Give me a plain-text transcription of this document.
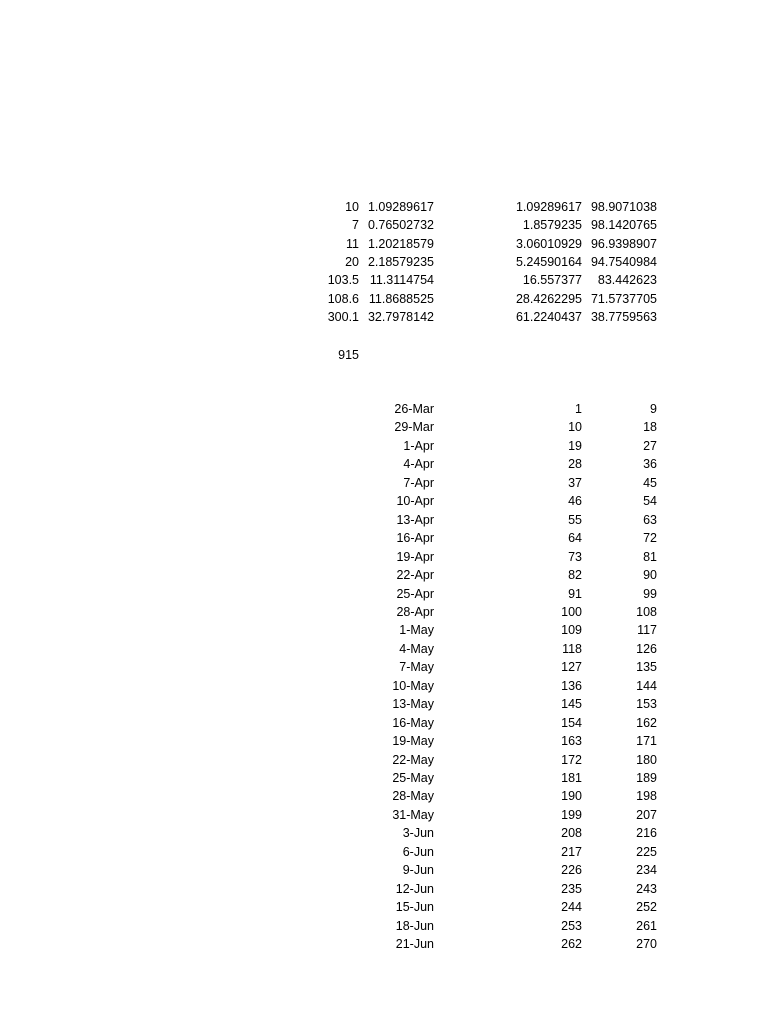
10 1.09289617	1.09289617 98.9071038
7 0.76502732	1.8579235 98.1420765
11 1.20218579	3.06010929 96.9398907
20 2.18579235	5.24590164 94.7540984
103.5 11.3114754	16.557377	83.442623
108.6 11.8688525	28.4262295 71.5737705
300.1 32.7978142	61.2240437 38.7759563
915
26-Mar	1	9
29-Mar	10	18
1-Apr	19	27
4-Apr	28	36
7-Apr	37	45
10-Apr	46	54
13-Apr	55	63
16-Apr	64	72
19-Apr	73	81
22-Apr	82	90
25-Apr	91	99
28-Apr	100	108
1-May	109	117
4-May	118	126
7-May	127	135
10-May	136	144
13-May	145	153
16-May	154	162
19-May	163	171
22-May	172	180
25-May	181	189
28-May	190	198
31-May	199	207
3-Jun	208	216
6-Jun	217	225
9-Jun	226	234
12-Jun	235	243
15-Jun	244	252
18-Jun	253	261
21-Jun	262	270
